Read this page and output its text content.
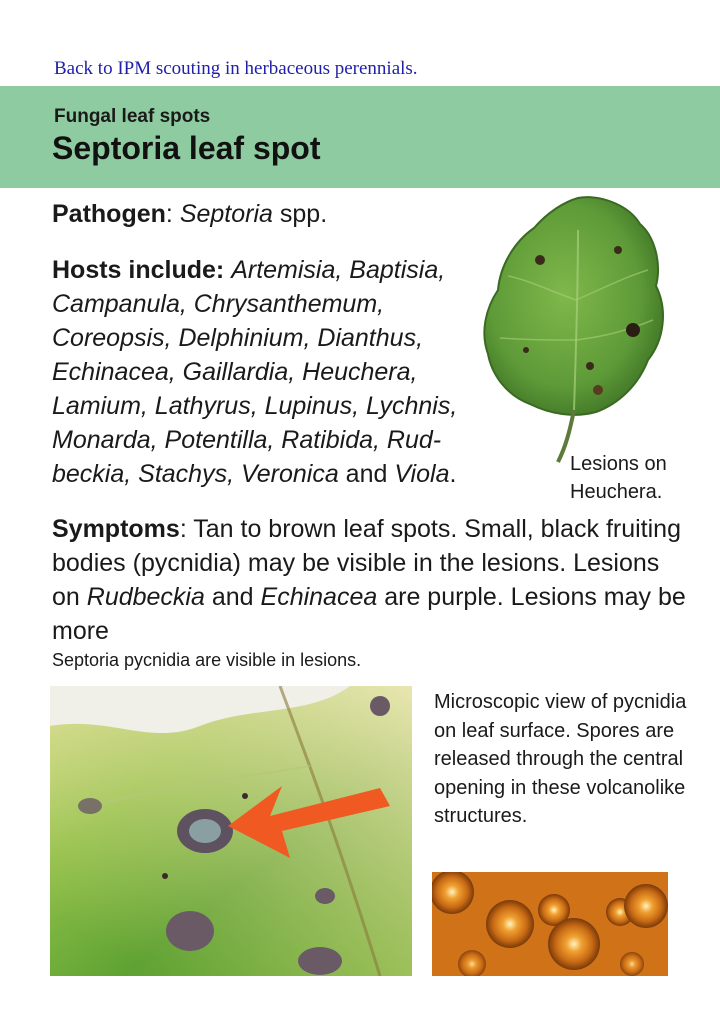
Back to IPM scouting in herbaceous perennials.
Fungal leaf spots
Septoria leaf spot
Pathogen: Septoria spp.
Hosts include: Artemisia, Baptisia, Campanula, Chrysanthemum, Coreopsis, Delphinium, Dianthus, Echinacea, Gaillardia, Heuchera, Lamium, Lathyrus, Lupinus, Lychnis, Monarda, Potentilla, Ratibida, Rud-beckia, Stachys, Veronica and Viola.	Lesions on Heuchera.
Symptoms: Tan to brown leaf spots. Small, black fruiting bodies (pycnidia) may be visible in the lesions. Lesions on Rudbeckia and Echinacea are purple. Lesions may be more
Septoria pycnidia are visible in lesions.
Microscopic view of pycnidia on leaf surface. Spores are released through the central opening in these volcanolike structures.
